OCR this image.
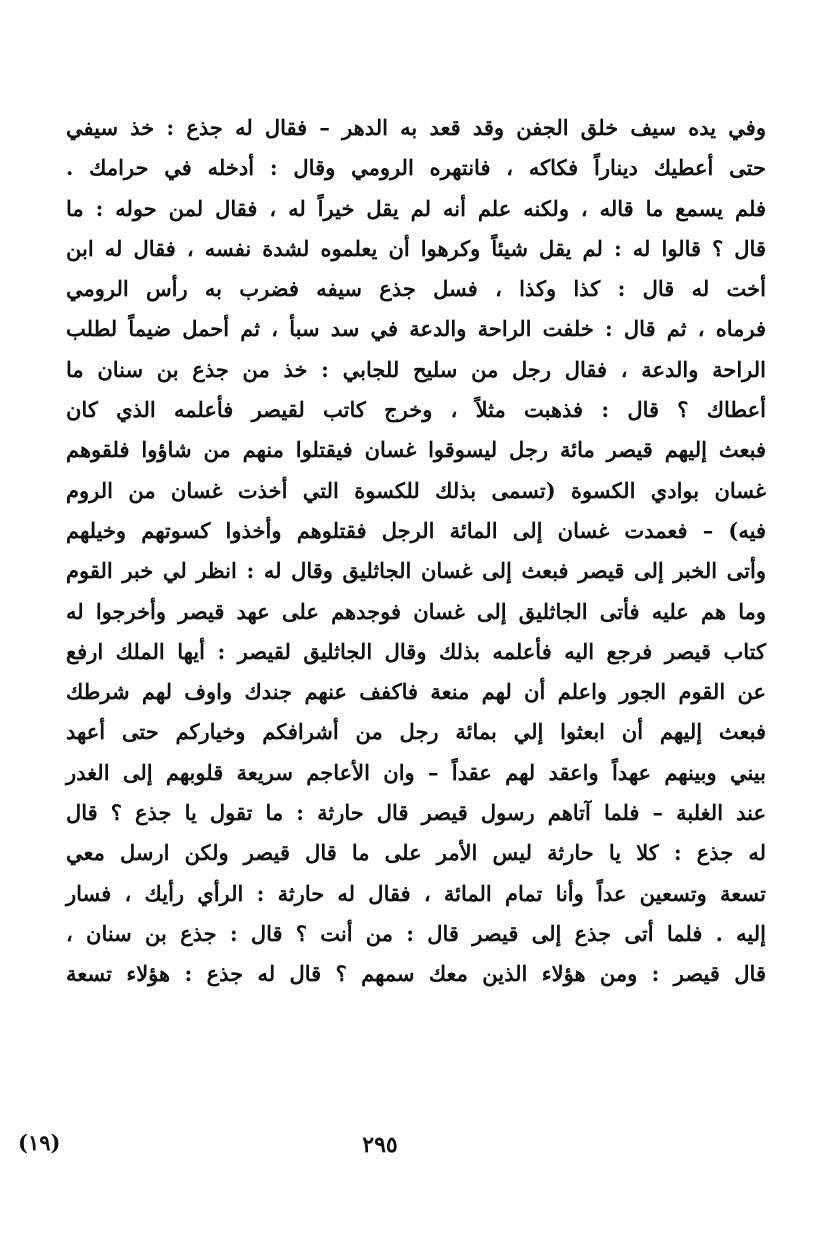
وفي يده سيف خلق الجفن وقد قعد به الدهر – فقال له جذع : خذ سيفي
حتى أعطيك ديناراً فكاكه ، فانتهره الرومي وقال : أدخله في حرامك .
فلم يسمع ما قاله ، ولكنه علم أنه لم يقل خيراً له ، فقال لمن حوله : ما
قال ؟ قالوا له : لم يقل شيئاً وكرهوا أن يعلموه لشدة نفسه ، فقال له ابن
أخت له قال : كذا وكذا ، فسل جذع سيفه فضرب به رأس الرومي
فرماه ، ثم قال : خلفت الراحة والدعة في سد سبأ ، ثم أحمل ضيماً لطلب
الراحة والدعة ، فقال رجل من سليح للجابي : خذ من جذع بن سنان ما
أعطاك ؟ قال : فذهبت مثلاً ، وخرج كاتب لقيصر فأعلمه الذي كان
فبعث إليهم قيصر مائة رجل ليسوقوا غسان فيقتلوا منهم من شاؤوا فلقوهم
غسان بوادي الكسوة (تسمى بذلك للكسوة التي أخذت غسان من الروم
فيه) – فعمدت غسان إلى المائة الرجل فقتلوهم وأخذوا كسوتهم وخيلهم
وأتى الخبر إلى قيصر فبعث إلى غسان الجاثليق وقال له : انظر لي خبر القوم
وما هم عليه فأتى الجاثليق إلى غسان فوجدهم على عهد قيصر وأخرجوا له
كتاب قيصر فرجع اليه فأعلمه بذلك وقال الجاثليق لقيصر : أيها الملك ارفع
عن القوم الجور واعلم أن لهم منعة فاكفف عنهم جندك واوف لهم شرطك
فبعث إليهم أن ابعثوا إلي بمائة رجل من أشرافكم وخياركم حتى أعهد
بيني وبينهم عهداً واعقد لهم عقداً – وان الأعاجم سريعة قلوبهم إلى الغدر
عند الغلبة – فلما آتاهم رسول قيصر قال حارثة : ما تقول يا جذع ؟ قال
له جذع : كلا يا حارثة ليس الأمر على ما قال قيصر ولكن ارسل معي
تسعة وتسعين عداً وأنا تمام المائة ، فقال له حارثة : الرأي رأيك ، فسار
إليه . فلما أتى جذع إلى قيصر قال : من أنت ؟ قال : جذع بن سنان ،
قال قيصر : ومن هؤلاء الذين معك سمهم ؟ قال له جذع : هؤلاء تسعة
٢٩٥
(١٩)
